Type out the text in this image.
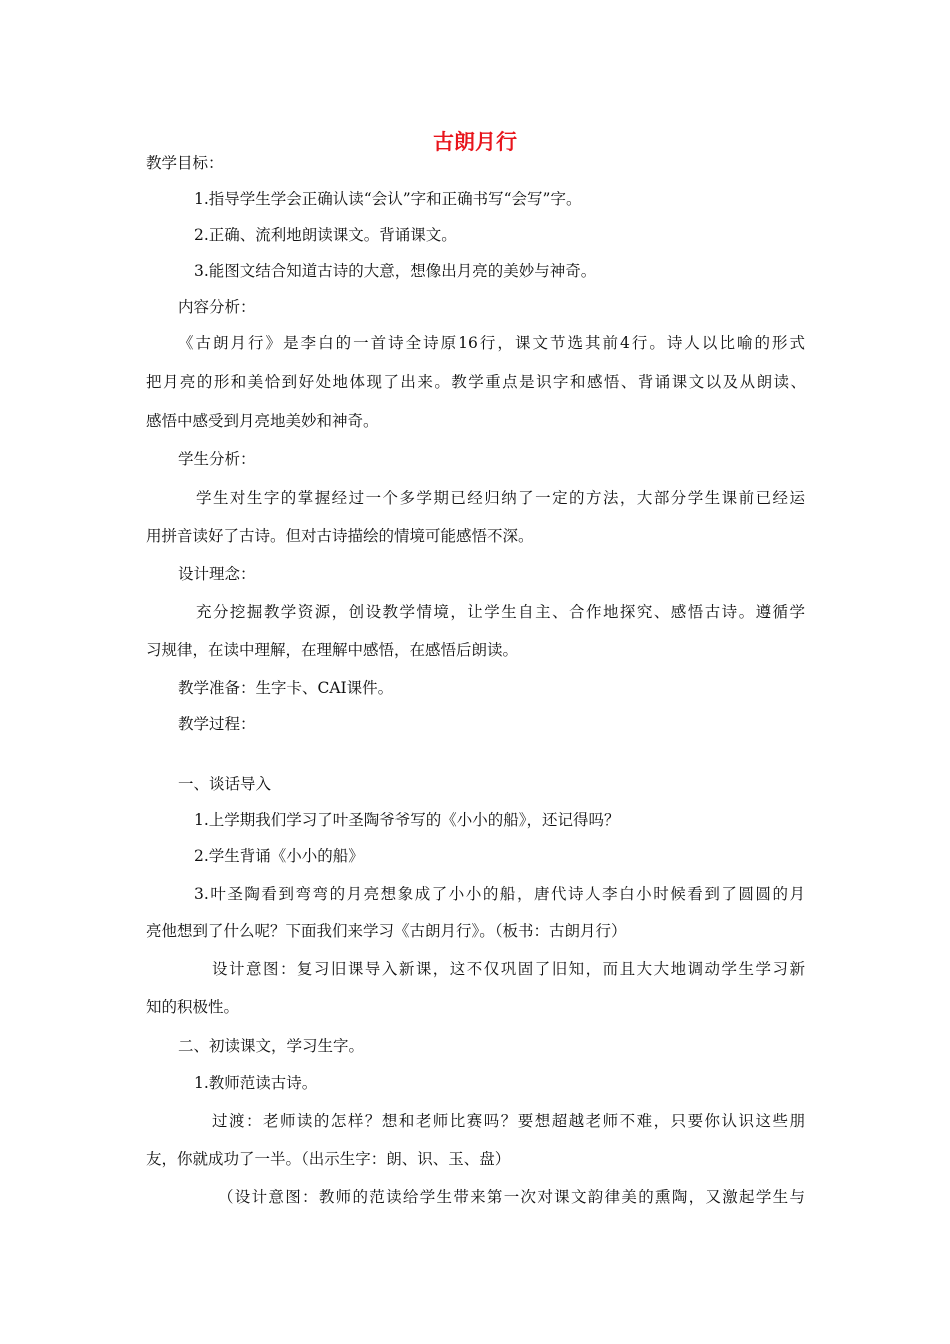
古朗月行
教学目标：
1.指导学生学会正确认读“会认”字和正确书写“会写”字。
2.正确、流利地朗读课文。背诵课文。
3.能图文结合知道古诗的大意，想像出月亮的美妙与神奇。
内容分析：
《古朗月行》是李白的一首诗全诗原16行，课文节选其前4行。诗人以比喻的形式
把月亮的形和美恰到好处地体现了出来。教学重点是识字和感悟、背诵课文以及从朗读、
感悟中感受到月亮地美妙和神奇。
学生分析：
学生对生字的掌握经过一个多学期已经归纳了一定的方法，大部分学生课前已经运
用拼音读好了古诗。但对古诗描绘的情境可能感悟不深。
设计理念：
充分挖掘教学资源，创设教学情境，让学生自主、合作地探究、感悟古诗。遵循学
习规律，在读中理解，在理解中感悟，在感悟后朗读。
教学准备：生字卡、CAI课件。
教学过程：
一、谈话导入
1.上学期我们学习了叶圣陶爷爷写的《小小的船》，还记得吗？
2.学生背诵《小小的船》
3.叶圣陶看到弯弯的月亮想象成了小小的船，唐代诗人李白小时候看到了圆圆的月
亮他想到了什么呢？下面我们来学习《古朗月行》。（板书：古朗月行）
设计意图：复习旧课导入新课，这不仅巩固了旧知，而且大大地调动学生学习新
知的积极性。
二、初读课文，学习生字。
1.教师范读古诗。
过渡：老师读的怎样？想和老师比赛吗？要想超越老师不难，只要你认识这些朋
友，你就成功了一半。（出示生字：朗、识、玉、盘）
（设计意图：教师的范读给学生带来第一次对课文韵律美的熏陶，又激起学生与
